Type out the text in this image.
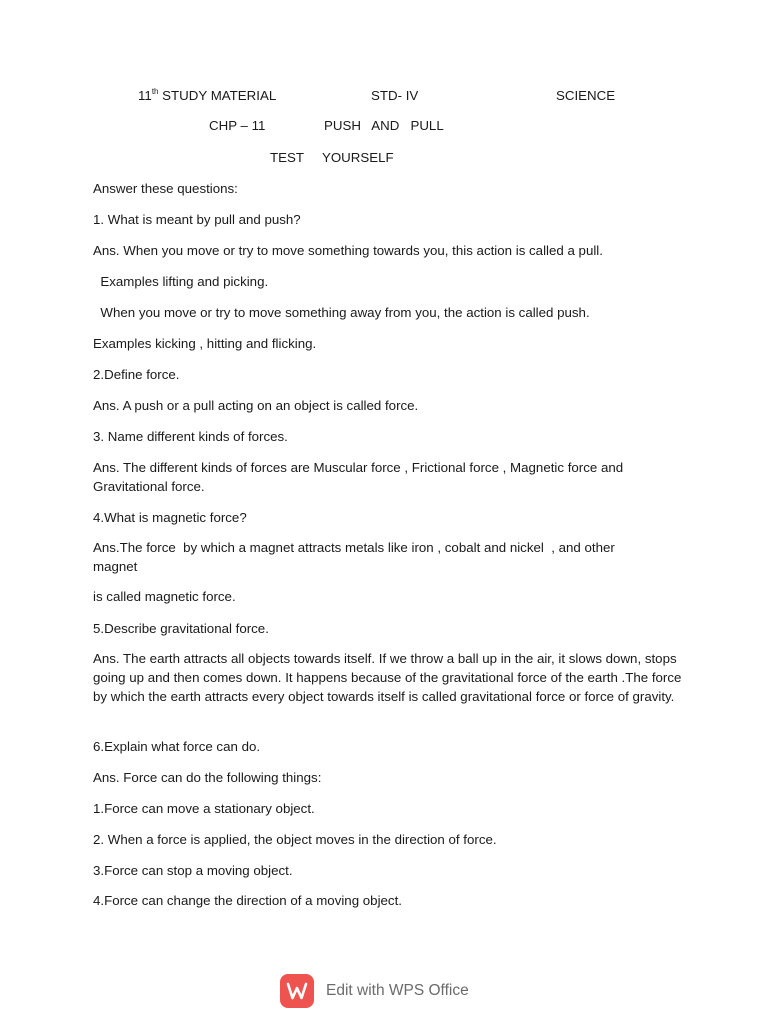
11th STUDY MATERIAL	STD- IV	SCIENCE
CHP – 11	PUSH   AND   PULL
TEST     YOURSELF
Answer these questions:
1. What is meant by pull and push?
Ans. When you move or try to move something towards you, this action is called a pull.
Examples lifting and picking.
When you move or try to move something away from you, the action is called push.
Examples kicking , hitting and flicking.
2.Define force.
Ans. A push or a pull acting on an object is called force.
3. Name different kinds of forces.
Ans. The different kinds of forces are Muscular force , Frictional force , Magnetic force and Gravitational force.
4.What is magnetic force?
Ans.The force  by which a magnet attracts metals like iron , cobalt and nickel  , and other magnet
is called magnetic force.
5.Describe gravitational force.
Ans. The earth attracts all objects towards itself. If we throw a ball up in the air, it slows down, stops going up and then comes down. It happens because of the gravitational force of the earth .The force by which the earth attracts every object towards itself is called gravitational force or force of gravity.
6.Explain what force can do.
Ans. Force can do the following things:
1.Force can move a stationary object.
2. When a force is applied, the object moves in the direction of force.
3.Force can stop a moving object.
4.Force can change the direction of a moving object.
Edit with WPS Office
